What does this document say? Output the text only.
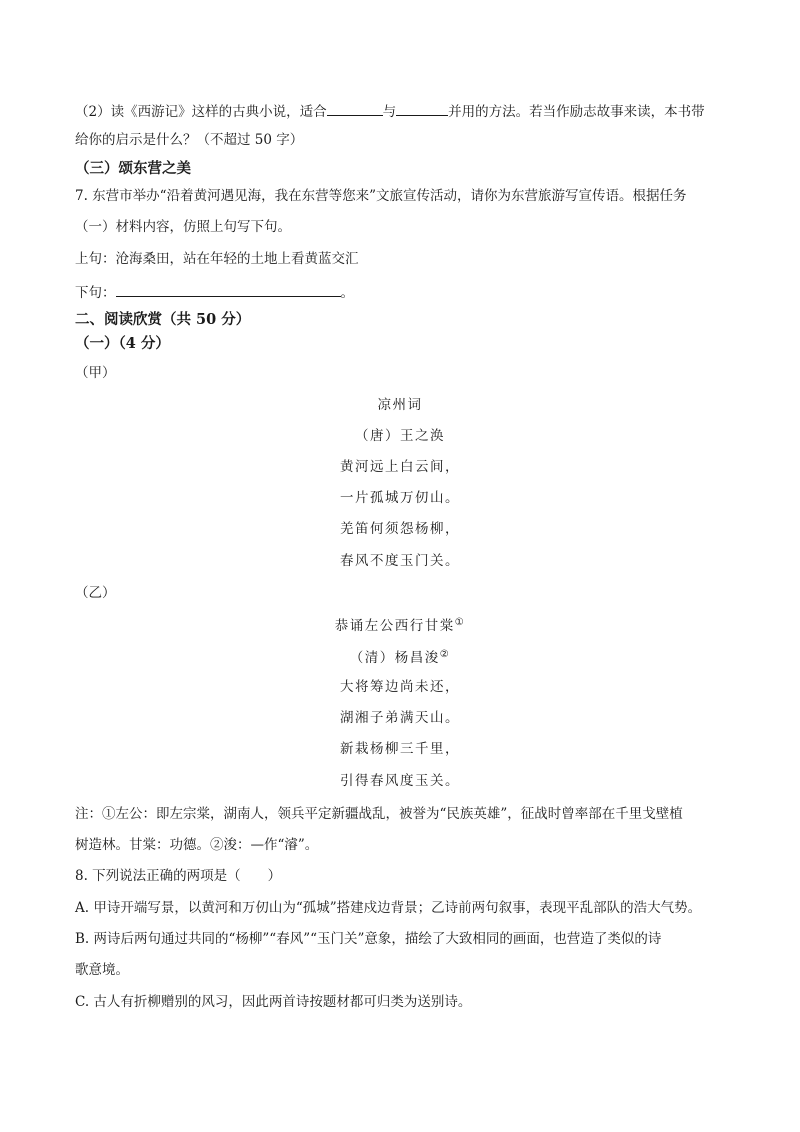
（2）读《西游记》这样的古典小说，适合	与	并用的方法。若当作励志故事来读，本书带
给你的启示是什么？（不超过 50 字）
（三）颂东营之美
7. 东营市举办“沿着黄河遇见海，我在东营等您来”文旅宣传活动，请你为东营旅游写宣传语。根据任务
（一）材料内容，仿照上句写下句。
上句：沧海桑田，站在年轻的土地上看黄蓝交汇
下句：	。
二、阅读欣赏（共 50 分）
（一）（4 分）
（甲）
凉州词
（唐）王之涣
黄河远上白云间，
一片孤城万仞山。
羌笛何须怨杨柳，
春风不度玉门关。
（乙）
恭诵左公西行甘棠①
（清）杨昌浚②
大将筹边尚未还，
湖湘子弟满天山。
新栽杨柳三千里，
引得春风度玉关。
注：①左公：即左宗棠，湖南人，领兵平定新疆战乱，被誉为“民族英雄”，征战时曾率部在千里戈壁植
树造林。甘棠：功德。②浚：—作“濬”。
8. 下列说法正确的两项是（　　）
A. 甲诗开端写景，以黄河和万仞山为“孤城”搭建戍边背景；乙诗前两句叙事，表现平乱部队的浩大气势。
B. 两诗后两句通过共同的“杨柳”“春风”“玉门关”意象，描绘了大致相同的画面，也营造了类似的诗
歌意境。
C. 古人有折柳赠别的风习，因此两首诗按题材都可归类为送别诗。
